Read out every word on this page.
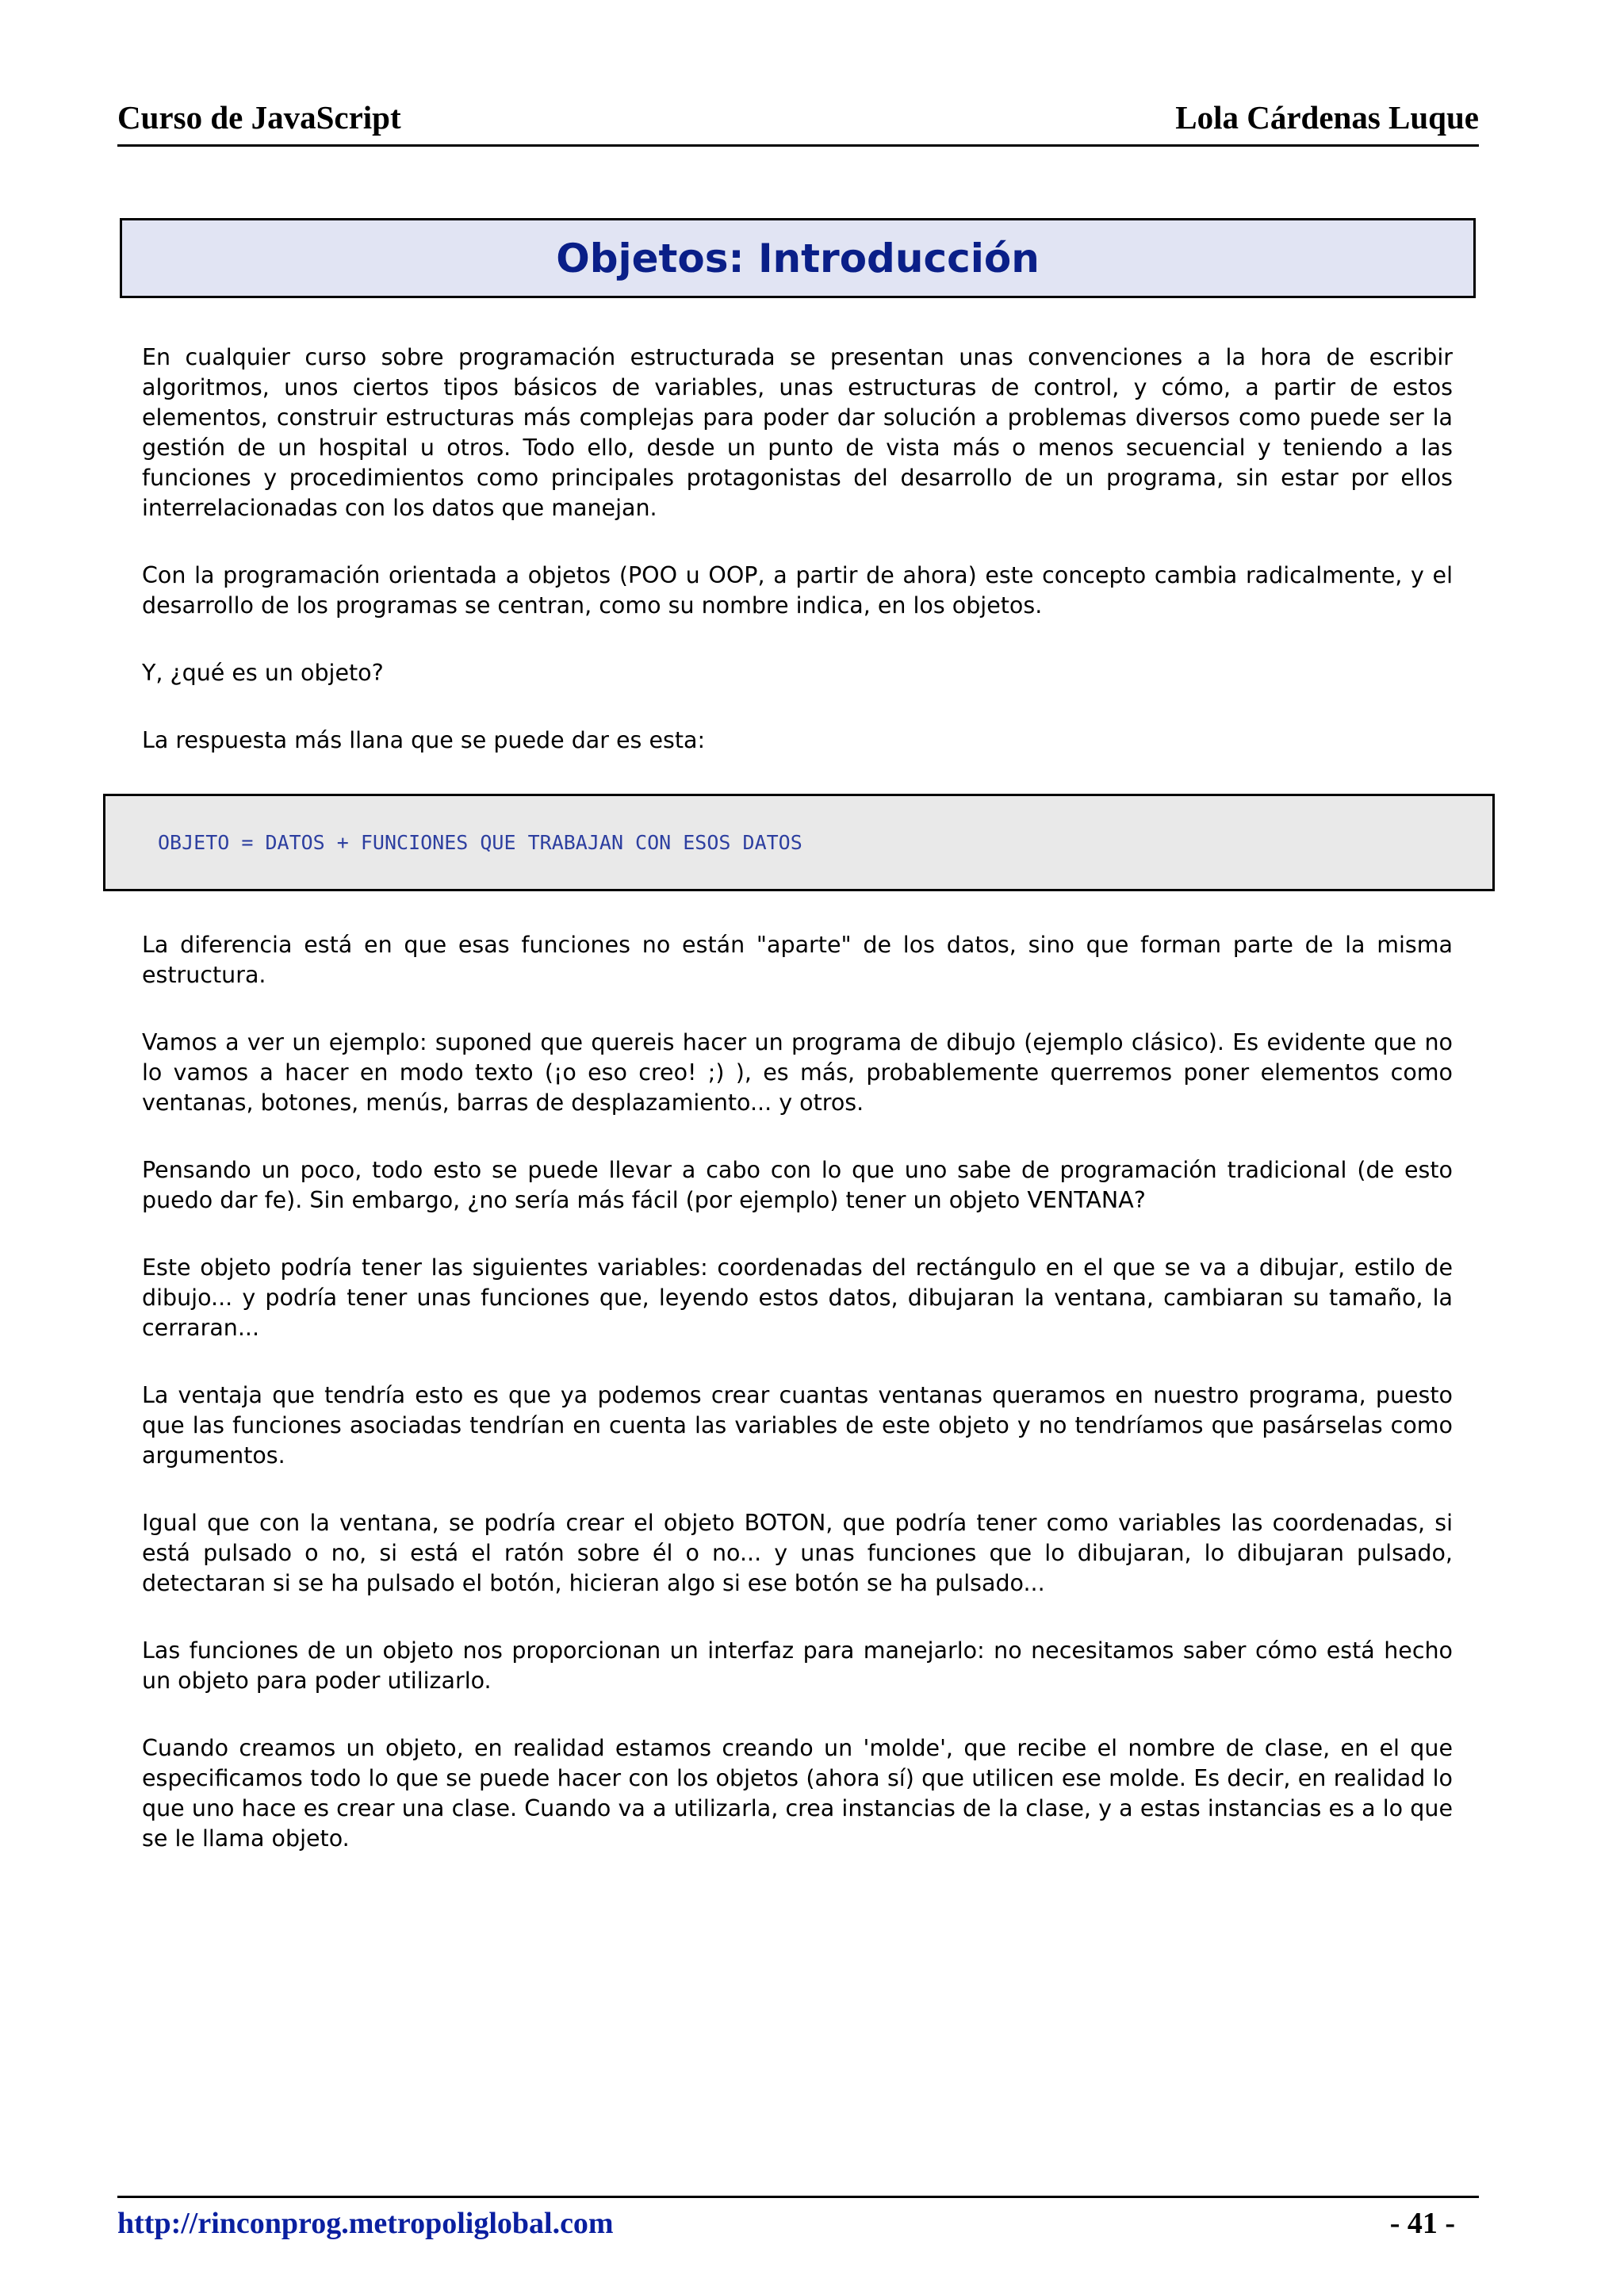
Curso de JavaScript	Lola Cárdenas Luque
Objetos: Introducción

En cualquier curso sobre programación estructurada se presentan unas convenciones a la hora de escribir algoritmos, unos ciertos tipos básicos de variables, unas estructuras de control, y cómo, a partir de estos elementos, construir estructuras más complejas para poder dar solución a problemas diversos como puede ser la gestión de un hospital u otros. Todo ello, desde un punto de vista más o menos secuencial y teniendo a las funciones y procedimientos como principales protagonistas del desarrollo de un programa, sin estar por ellos interrelacionadas con los datos que manejan.

Con la programación orientada a objetos (POO u OOP, a partir de ahora) este concepto cambia radicalmente, y el desarrollo de los programas se centran, como su nombre indica, en los objetos.

Y, ¿qué es un objeto?

La respuesta más llana que se puede dar es esta:

OBJETO = DATOS + FUNCIONES QUE TRABAJAN CON ESOS DATOS

La diferencia está en que esas funciones no están "aparte" de los datos, sino que forman parte de la misma estructura.

Vamos a ver un ejemplo: suponed que quereis hacer un programa de dibujo (ejemplo clásico). Es evidente que no lo vamos a hacer en modo texto (¡o eso creo! ;) ), es más, probablemente querremos poner elementos como ventanas, botones, menús, barras de desplazamiento... y otros.

Pensando un poco, todo esto se puede llevar a cabo con lo que uno sabe de programación tradicional (de esto puedo dar fe). Sin embargo, ¿no sería más fácil (por ejemplo) tener un objeto VENTANA?

Este objeto podría tener las siguientes variables: coordenadas del rectángulo en el que se va a dibujar, estilo de dibujo... y podría tener unas funciones que, leyendo estos datos, dibujaran la ventana, cambiaran su tamaño, la cerraran...

La ventaja que tendría esto es que ya podemos crear cuantas ventanas queramos en nuestro programa, puesto que las funciones asociadas tendrían en cuenta las variables de este objeto y no tendríamos que pasárselas como argumentos.

Igual que con la ventana, se podría crear el objeto BOTON, que podría tener como variables las coordenadas, si está pulsado o no, si está el ratón sobre él o no... y unas funciones que lo dibujaran, lo dibujaran pulsado, detectaran si se ha pulsado el botón, hicieran algo si ese botón se ha pulsado...

Las funciones de un objeto nos proporcionan un interfaz para manejarlo: no necesitamos saber cómo está hecho un objeto para poder utilizarlo.

Cuando creamos un objeto, en realidad estamos creando un 'molde', que recibe el nombre de clase, en el que especificamos todo lo que se puede hacer con los objetos (ahora sí) que utilicen ese molde. Es decir, en realidad lo que uno hace es crear una clase. Cuando va a utilizarla, crea instancias de la clase, y a estas instancias es a lo que se le llama objeto.

http://rinconprog.metropoliglobal.com	- 41 -
